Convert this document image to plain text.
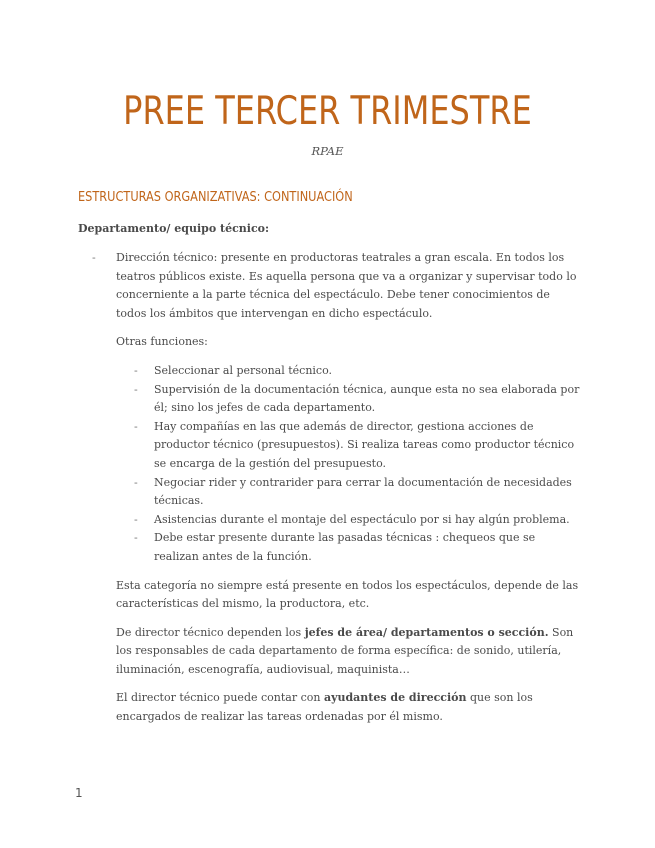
PREE TERCER TRIMESTRE
RPAE
ESTRUCTURAS ORGANIZATIVAS: CONTINUACIÓN
Departamento/ equipo técnico:
- Dirección técnico: presente en productoras teatrales a gran escala. En todos los teatros públicos existe. Es aquella persona que va a organizar y supervisar todo lo concerniente a la parte técnica del espectáculo. Debe tener conocimientos de todos los ámbitos que intervengan en dicho espectáculo.
Otras funciones:
- Seleccionar al personal técnico.
- Supervisión de la documentación técnica, aunque esta no sea elaborada por él; sino los jefes de cada departamento.
- Hay compañías en las que además de director, gestiona acciones de productor técnico (presupuestos). Si realiza tareas como productor técnico se encarga de la gestión del presupuesto.
- Negociar rider y contrarider para cerrar la documentación de necesidades técnicas.
- Asistencias durante el montaje del espectáculo por si hay algún problema.
- Debe estar presente durante las pasadas técnicas : chequeos que se realizan antes de la función.
Esta categoría no siempre está presente en todos los espectáculos, depende de las características del mismo, la productora, etc.
De director técnico dependen los jefes de área/ departamentos o sección. Son los responsables de cada departamento de forma específica: de sonido, utilería, iluminación, escenografía, audiovisual, maquinista…
El director técnico puede contar con ayudantes de dirección que son los encargados de realizar las tareas ordenadas por él mismo.
1
